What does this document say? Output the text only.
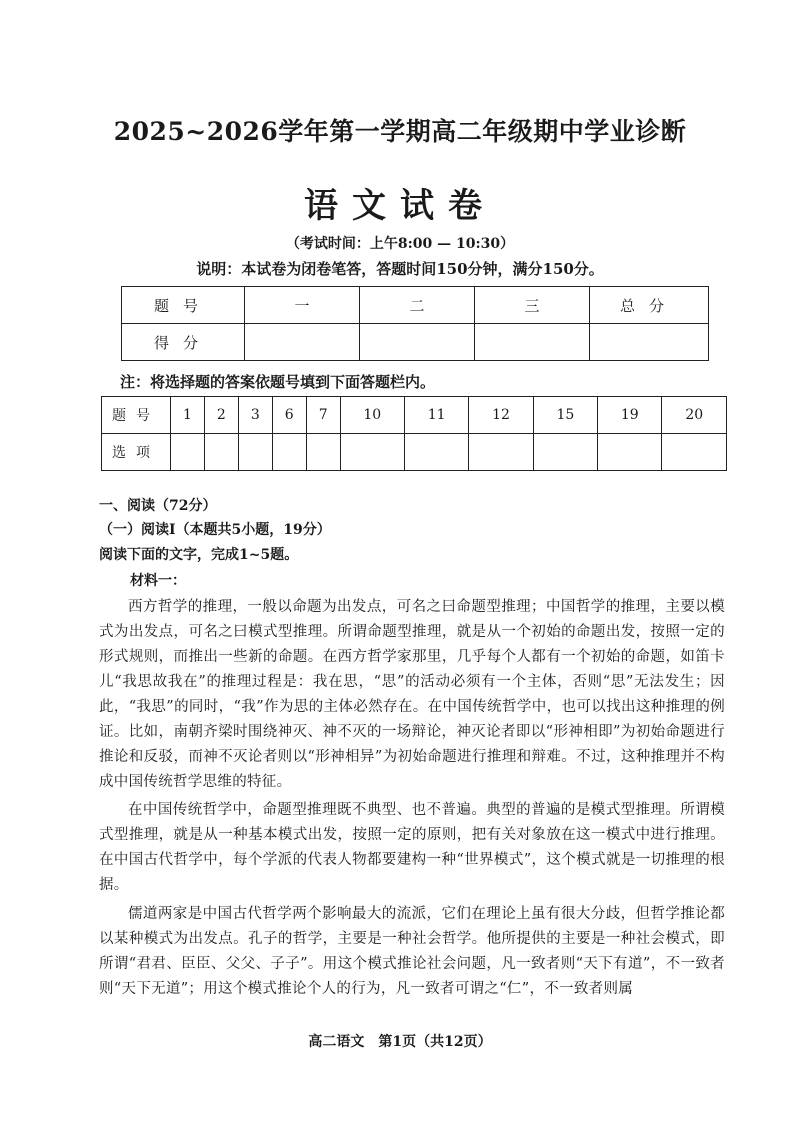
2025~2026学年第一学期高二年级期中学业诊断
语文试卷
（考试时间：上午8:00 — 10:30）
说明：本试卷为闭卷笔答，答题时间150分钟，满分150分。
题号	一	二	三	总分
得分				
注：将选择题的答案依题号填到下面答题栏内。
题号	1	2	3	6	7	10	11	12	15	19	20
选项											
一、阅读（72分）
（一）阅读Ⅰ（本题共5小题，19分）
阅读下面的文字，完成1~5题。
材料一：
西方哲学的推理，一般以命题为出发点，可名之曰命题型推理；中国哲学的推理，主要以模式为出发点，可名之曰模式型推理。所谓命题型推理，就是从一个初始的命题出发，按照一定的形式规则，而推出一些新的命题。在西方哲学家那里，几乎每个人都有一个初始的命题，如笛卡儿“我思故我在”的推理过程是：我在思，“思”的活动必须有一个主体，否则“思”无法发生；因此，“我思”的同时，“我”作为思的主体必然存在。在中国传统哲学中，也可以找出这种推理的例证。比如，南朝齐梁时围绕神灭、神不灭的一场辩论，神灭论者即以“形神相即”为初始命题进行推论和反驳，而神不灭论者则以“形神相异”为初始命题进行推理和辩难。不过，这种推理并不构成中国传统哲学思维的特征。
在中国传统哲学中，命题型推理既不典型、也不普遍。典型的普遍的是模式型推理。所谓模式型推理，就是从一种基本模式出发，按照一定的原则，把有关对象放在这一模式中进行推理。在中国古代哲学中，每个学派的代表人物都要建构一种“世界模式”，这个模式就是一切推理的根据。
儒道两家是中国古代哲学两个影响最大的流派，它们在理论上虽有很大分歧，但哲学推论都以某种模式为出发点。孔子的哲学，主要是一种社会哲学。他所提供的主要是一种社会模式，即所谓“君君、臣臣、父父、子子”。用这个模式推论社会问题，凡一致者则“天下有道”，不一致者则“天下无道”；用这个模式推论个人的行为，凡一致者可谓之“仁”，不一致者则属
高二语文　第1页（共12页）
